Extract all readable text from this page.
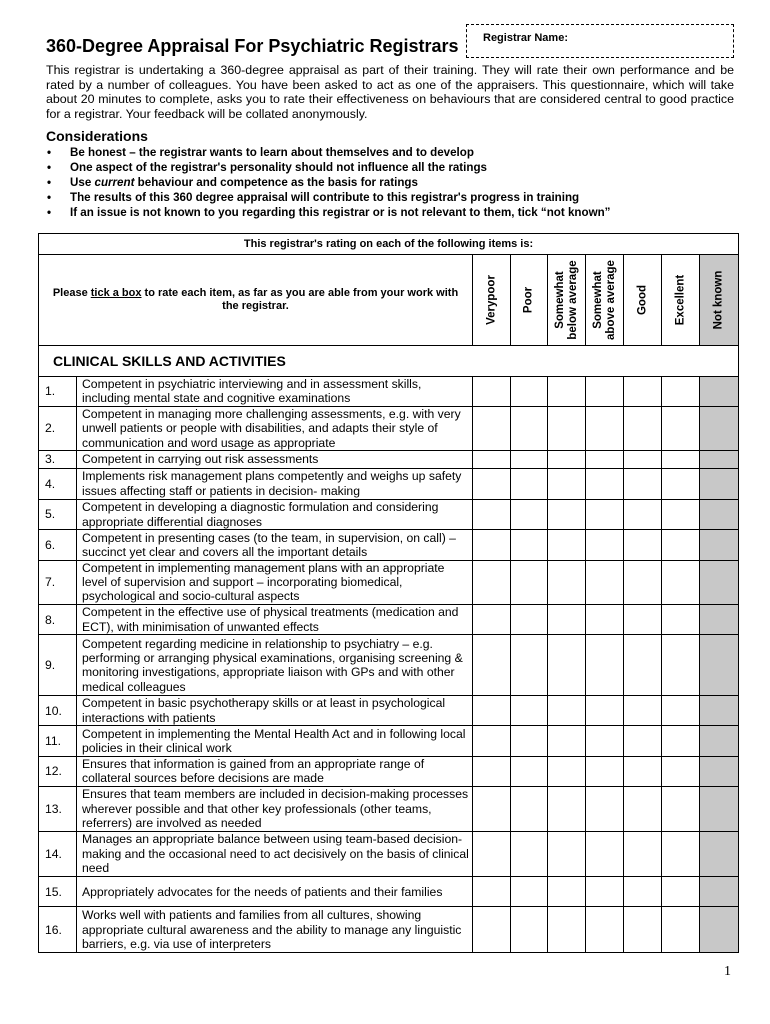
360-Degree Appraisal For Psychiatric Registrars Registrar Name:

This registrar is undertaking a 360-degree appraisal as part of their training. They will rate their own performance and be rated by a number of colleagues. You have been asked to act as one of the appraisers. This questionnaire, which will take about 20 minutes to complete, asks you to rate their effectiveness on behaviours that are considered central to good practice for a registrar. Your feedback will be collated anonymously.

Considerations
• Be honest – the registrar wants to learn about themselves and to develop
• One aspect of the registrar's personality should not influence all the ratings
• Use current behaviour and competence as the basis for ratings
• The results of this 360 degree appraisal will contribute to this registrar's progress in training
• If an issue is not known to you regarding this registrar or is not relevant to them, tick “not known”
This registrar's rating on each of the following items is:								
Please tick a box to rate each item, as far as you are able from your work with the registrar.		Verypoor	Poor	Somewhat below average	Somewhat above average	Good	Excellent	Not known

CLINICAL SKILLS AND ACTIVITIES								
1.	Competent in psychiatric interviewing and in assessment skills, including mental state and cognitive examinations							
2.	Competent in managing more challenging assessments, e.g. with very unwell patients or people with disabilities, and adapts their style of communication and word usage as appropriate							
3.	Competent in carrying out risk assessments							
4.	Implements risk management plans competently and weighs up safety issues affecting staff or patients in decision- making							
5.	Competent in developing a diagnostic formulation and considering appropriate differential diagnoses							
6.	Competent in presenting cases (to the team, in supervision, on call) – succinct yet clear and covers all the important details							
7.	Competent in implementing management plans with an appropriate level of supervision and support – incorporating biomedical, psychological and socio-cultural aspects							
8.	Competent in the effective use of physical treatments (medication and ECT), with minimisation of unwanted effects							
9.	Competent regarding medicine in relationship to psychiatry – e.g. performing or arranging physical examinations, organising screening & monitoring investigations, appropriate liaison with GPs and with other medical colleagues							
10.	Competent in basic psychotherapy skills or at least in psychological interactions with patients							
11.	Competent in implementing the Mental Health Act and in following local policies in their clinical work							
12.	Ensures that information is gained from an appropriate range of collateral sources before decisions are made							
13.	Ensures that team members are included in decision-making processes wherever possible and that other key professionals (other teams, referrers) are involved as needed							
14.	Manages an appropriate balance between using team-based decision-making and the occasional need to act decisively on the basis of clinical need							
15.	Appropriately advocates for the needs of patients and their families							
16.	Works well with patients and families from all cultures, showing appropriate cultural awareness and the ability to manage any linguistic barriers, e.g. via use of interpreters							
1
